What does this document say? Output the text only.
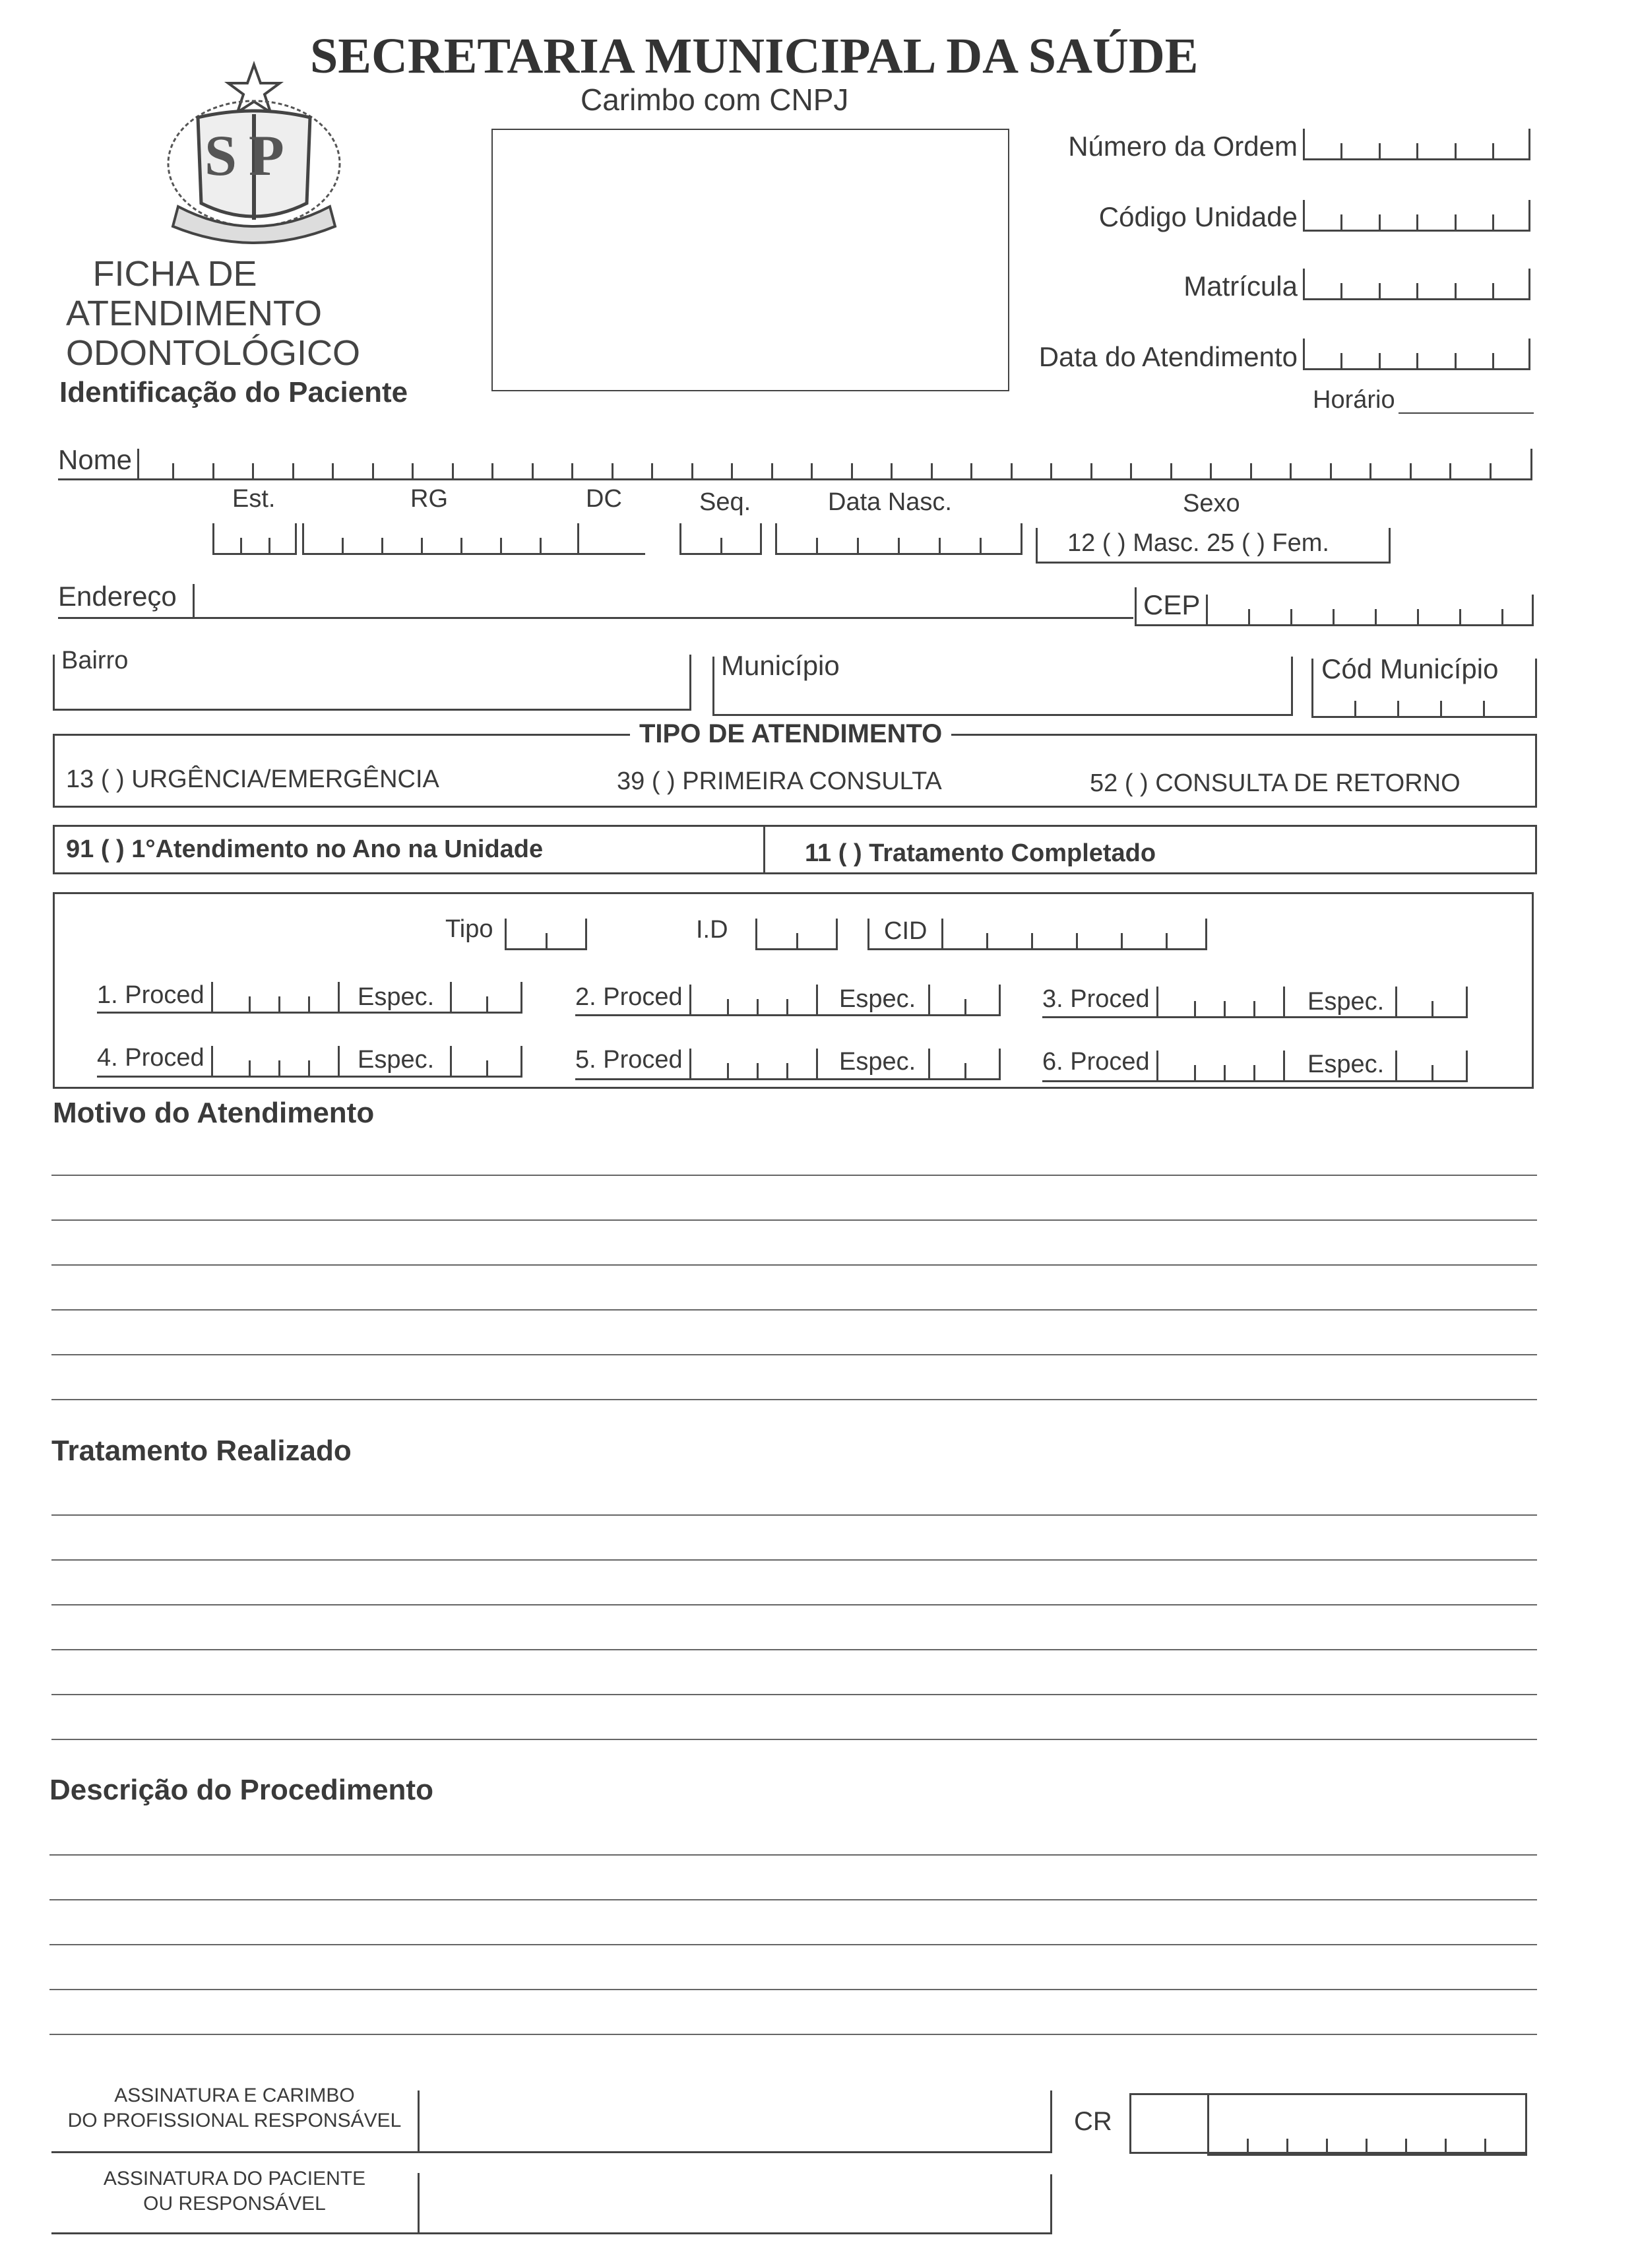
SECRETARIA MUNICIPAL DA SAÚDE
Carimbo com CNPJ
SP
FICHA DE
ATENDIMENTO
ODONTOLÓGICO
Identificação do Paciente
Número da Ordem
Código Unidade
Matrícula
Data do Atendimento
Horário
Nome
Est.	RG	DC	Seq.	Data Nasc.	Sexo
12 ( ) Masc. 25 ( ) Fem.
Endereço	CEP
Bairro	Município	Cód Município
TIPO DE ATENDIMENTO
13 ( ) URGÊNCIA/EMERGÊNCIA	39 ( ) PRIMEIRA CONSULTA	52 ( ) CONSULTA DE RETORNO
91 ( ) 1°Atendimento no Ano na Unidade	11 ( ) Tratamento Completado
Tipo	I.D	CID
1. Proced	Espec.	2. Proced	Espec.	3. Proced	Espec.
4. Proced	Espec.	5. Proced	Espec.	6. Proced	Espec.
Motivo do Atendimento
Tratamento Realizado
Descrição do Procedimento
ASSINATURA E CARIMBO
DO PROFISSIONAL RESPONSÁVEL	CR
ASSINATURA DO PACIENTE
OU RESPONSÁVEL
